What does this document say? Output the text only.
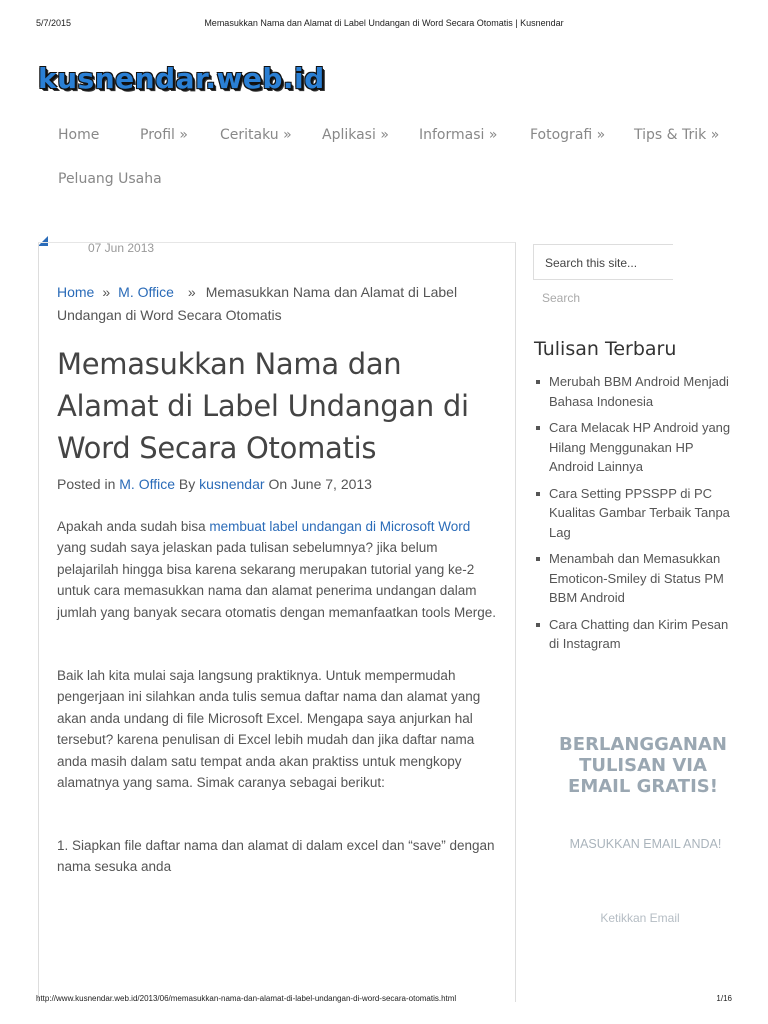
5/7/2015	Memasukkan Nama dan Alamat di Label Undangan di Word Secara Otomatis | Kusnendar
kusnendar.web.id
Home	Profil » Ceritaku » Aplikasi » Informasi » Fotografi » Tips & Trik »
Peluang Usaha
07 Jun 2013
Home » M. Office » Memasukkan Nama dan Alamat di Label Undangan di Word Secara Otomatis
Memasukkan Nama dan Alamat di Label Undangan di Word Secara Otomatis
Posted in M. Office By kusnendar On June 7, 2013

Apakah anda sudah bisa membuat label undangan di Microsoft Word yang sudah saya jelaskan pada tulisan sebelumnya? jika belum pelajarilah hingga bisa karena sekarang merupakan tutorial yang ke-2 untuk cara memasukkan nama dan alamat penerima undangan dalam jumlah yang banyak secara otomatis dengan memanfaatkan tools Merge.

Baik lah kita mulai saja langsung praktiknya. Untuk mempermudah pengerjaan ini silahkan anda tulis semua daftar nama dan alamat yang akan anda undang di file Microsoft Excel. Mengapa saya anjurkan hal tersebut? karena penulisan di Excel lebih mudah dan jika daftar nama anda masih dalam satu tempat anda akan praktiss untuk mengkopy alamatnya yang sama. Simak caranya sebagai berikut:

1. Siapkan file daftar nama dan alamat di dalam excel dan “save” dengan nama sesuka anda

Search this site...
Search
Tulisan Terbaru
Merubah BBM Android Menjadi Bahasa Indonesia
Cara Melacak HP Android yang Hilang Menggunakan HP Android Lainnya
Cara Setting PPSSPP di PC Kualitas Gambar Terbaik Tanpa Lag
Menambah dan Memasukkan Emoticon-Smiley di Status PM BBM Android
Cara Chatting dan Kirim Pesan di Instagram
BERLANGGANAN TULISAN VIA EMAIL GRATIS!
MASUKKAN EMAIL ANDA!
Ketikkan Email
http://www.kusnendar.web.id/2013/06/memasukkan-nama-dan-alamat-di-label-undangan-di-word-secara-otomatis.html	1/16
